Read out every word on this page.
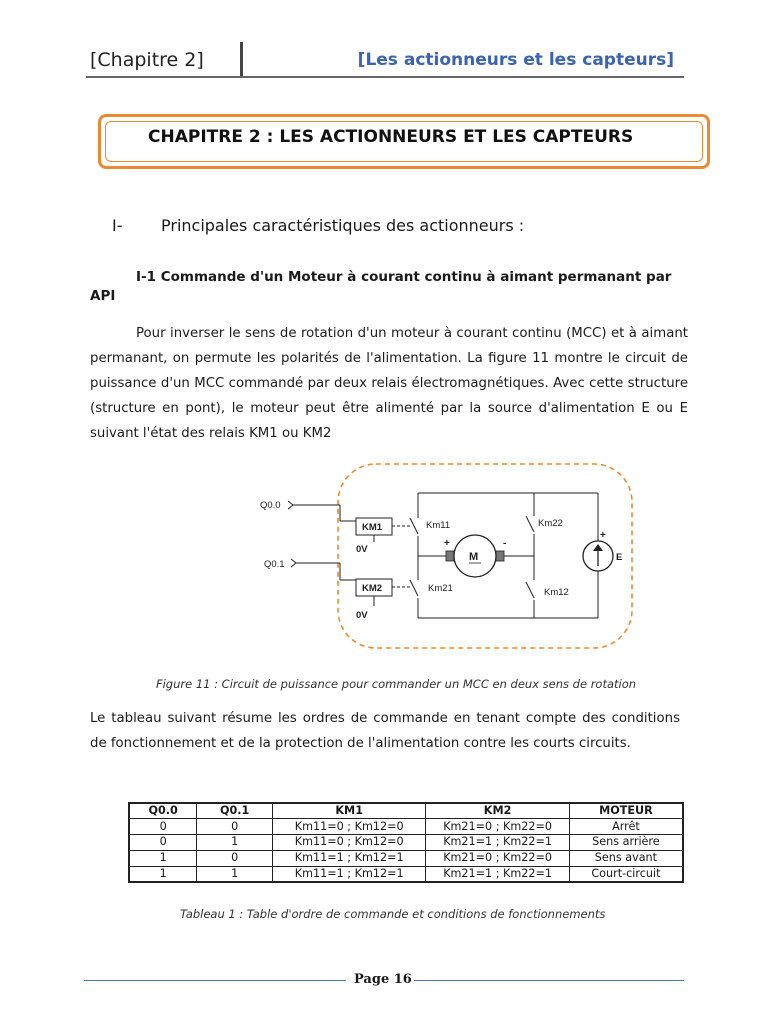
[Chapitre 2]	[Les actionneurs et les capteurs]
CHAPITRE 2 : LES ACTIONNEURS ET LES CAPTEURS
I- Principales caractéristiques des actionneurs :
I-1 Commande d'un Moteur à courant continu à aimant permanant par API
Pour inverser le sens de rotation d'un moteur à courant continu (MCC) et à aimant permanant, on permute les polarités de l'alimentation. La figure 11 montre le circuit de puissance d'un MCC commandé par deux relais électromagnétiques. Avec cette structure (structure en pont), le moteur peut être alimenté par la source d'alimentation E ou E suivant l'état des relais KM1 ou KM2
Q0.0
Q0.1
KM1
0V
KM2
0V
Km11
Km21
Km22
Km12
M
+	-
+
E
Figure 11 : Circuit de puissance pour commander un MCC en deux sens de rotation
Le tableau suivant résume les ordres de commande en tenant compte des conditions de fonctionnement et de la protection de l'alimentation contre les courts circuits.
Q0.0	Q0.1	KM1	KM2	MOTEUR
0	0	Km11=0 ; Km12=0	Km21=0 ; Km22=0	Arrêt
0	1	Km11=0 ; Km12=0	Km21=1 ; Km22=1	Sens arrière
1	0	Km11=1 ; Km12=1	Km21=0 ; Km22=0	Sens avant
1	1	Km11=1 ; Km12=1	Km21=1 ; Km22=1	Court-circuit
Tableau 1 : Table d'ordre de commande et conditions de fonctionnements
Page 16
